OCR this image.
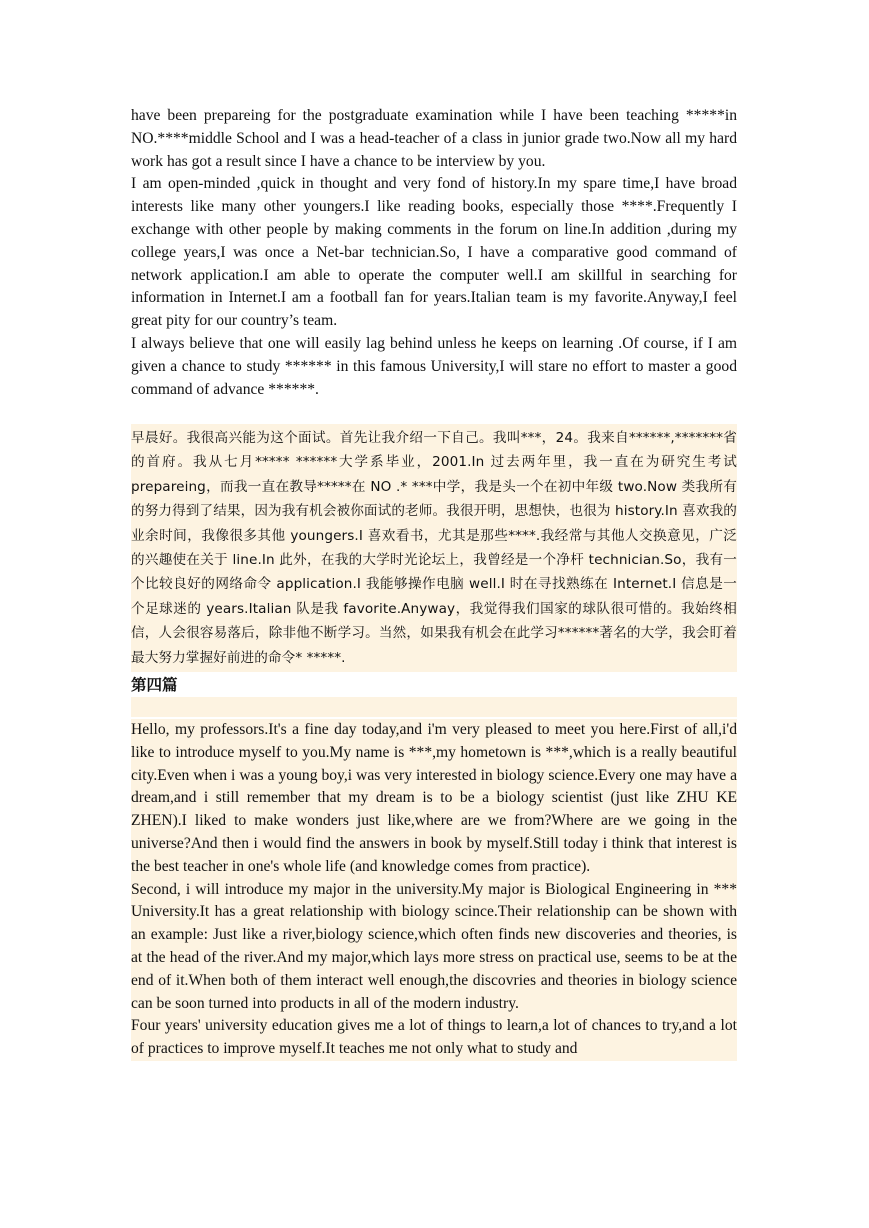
have been prepareing for the postgraduate examination while I have been teaching *****in NO.****middle School and I was a head-teacher of a class in junior grade two.Now all my hard work has got a result since I have a chance to be interview by you.

I am open-minded ,quick in thought and very fond of history.In my spare time,I have broad interests like many other youngers.I like reading books, especially those ****.Frequently I exchange with other people by making comments in the forum on line.In addition ,during my college years,I was once a Net-bar technician.So, I have a comparative good command of network application.I am able to operate the computer well.I am skillful in searching for information in Internet.I am a football fan for years.Italian team is my favorite.Anyway,I feel great pity for our country’s team.

I always believe that one will easily lag behind unless he keeps on learning .Of course, if I am given a chance to study ****** in this famous University,I will stare no effort to master a good command of advance ******.

早晨好。我很高兴能为这个面试。首先让我介绍一下自己。我叫***，24。我来自******,*******省的首府。我从七月***** ******大学系毕业，2001.In 过去两年里，我一直在为研究生考试 prepareing，而我一直在教导*****在 NO .* ***中学，我是头一个在初中年级 two.Now 类我所有的努力得到了结果，因为我有机会被你面试的老师。我很开明，思想快，也很为 history.In 喜欢我的业余时间，我像很多其他 youngers.I 喜欢看书，尤其是那些****.我经常与其他人交换意见，广泛的兴趣使在关于 line.In 此外，在我的大学时光论坛上，我曾经是一个净杆 technician.So，我有一个比较良好的网络命令 application.I 我能够操作电脑 well.I 时在寻找熟练在 Internet.I 信息是一个足球迷的 years.Italian 队是我 favorite.Anyway，我觉得我们国家的球队很可惜的。我始终相信，人会很容易落后，除非他不断学习。当然，如果我有机会在此学习******著名的大学，我会盯着最大努力掌握好前进的命令* *****.

第四篇

Hello, my professors.It's a fine day today,and i'm very pleased to meet you here.First of all,i'd like to introduce myself to you.My name is ***,my hometown is ***,which is a really beautiful city.Even when i was a young boy,i was very interested in biology science.Every one may have a dream,and i still remember that my dream is to be a biology scientist (just like ZHU KE ZHEN).I liked to make wonders just like,where are we from?Where are we going in the universe?And then i would find the answers in book by myself.Still today i think that interest is the best teacher in one's whole life (and knowledge comes from practice).

Second, i will introduce my major in the university.My major is Biological Engineering in *** University.It has a great relationship with biology scince.Their relationship can be shown with an example: Just like a river,biology science,which often finds new discoveries and theories, is at the head of the river.And my major,which lays more stress on practical use, seems to be at the end of it.When both of them interact well enough,the discovries and theories in biology science can be soon turned into products in all of the modern industry.

Four years' university education gives me a lot of things to learn,a lot of chances to try,and a lot of practices to improve myself.It teaches me not only what to study and
